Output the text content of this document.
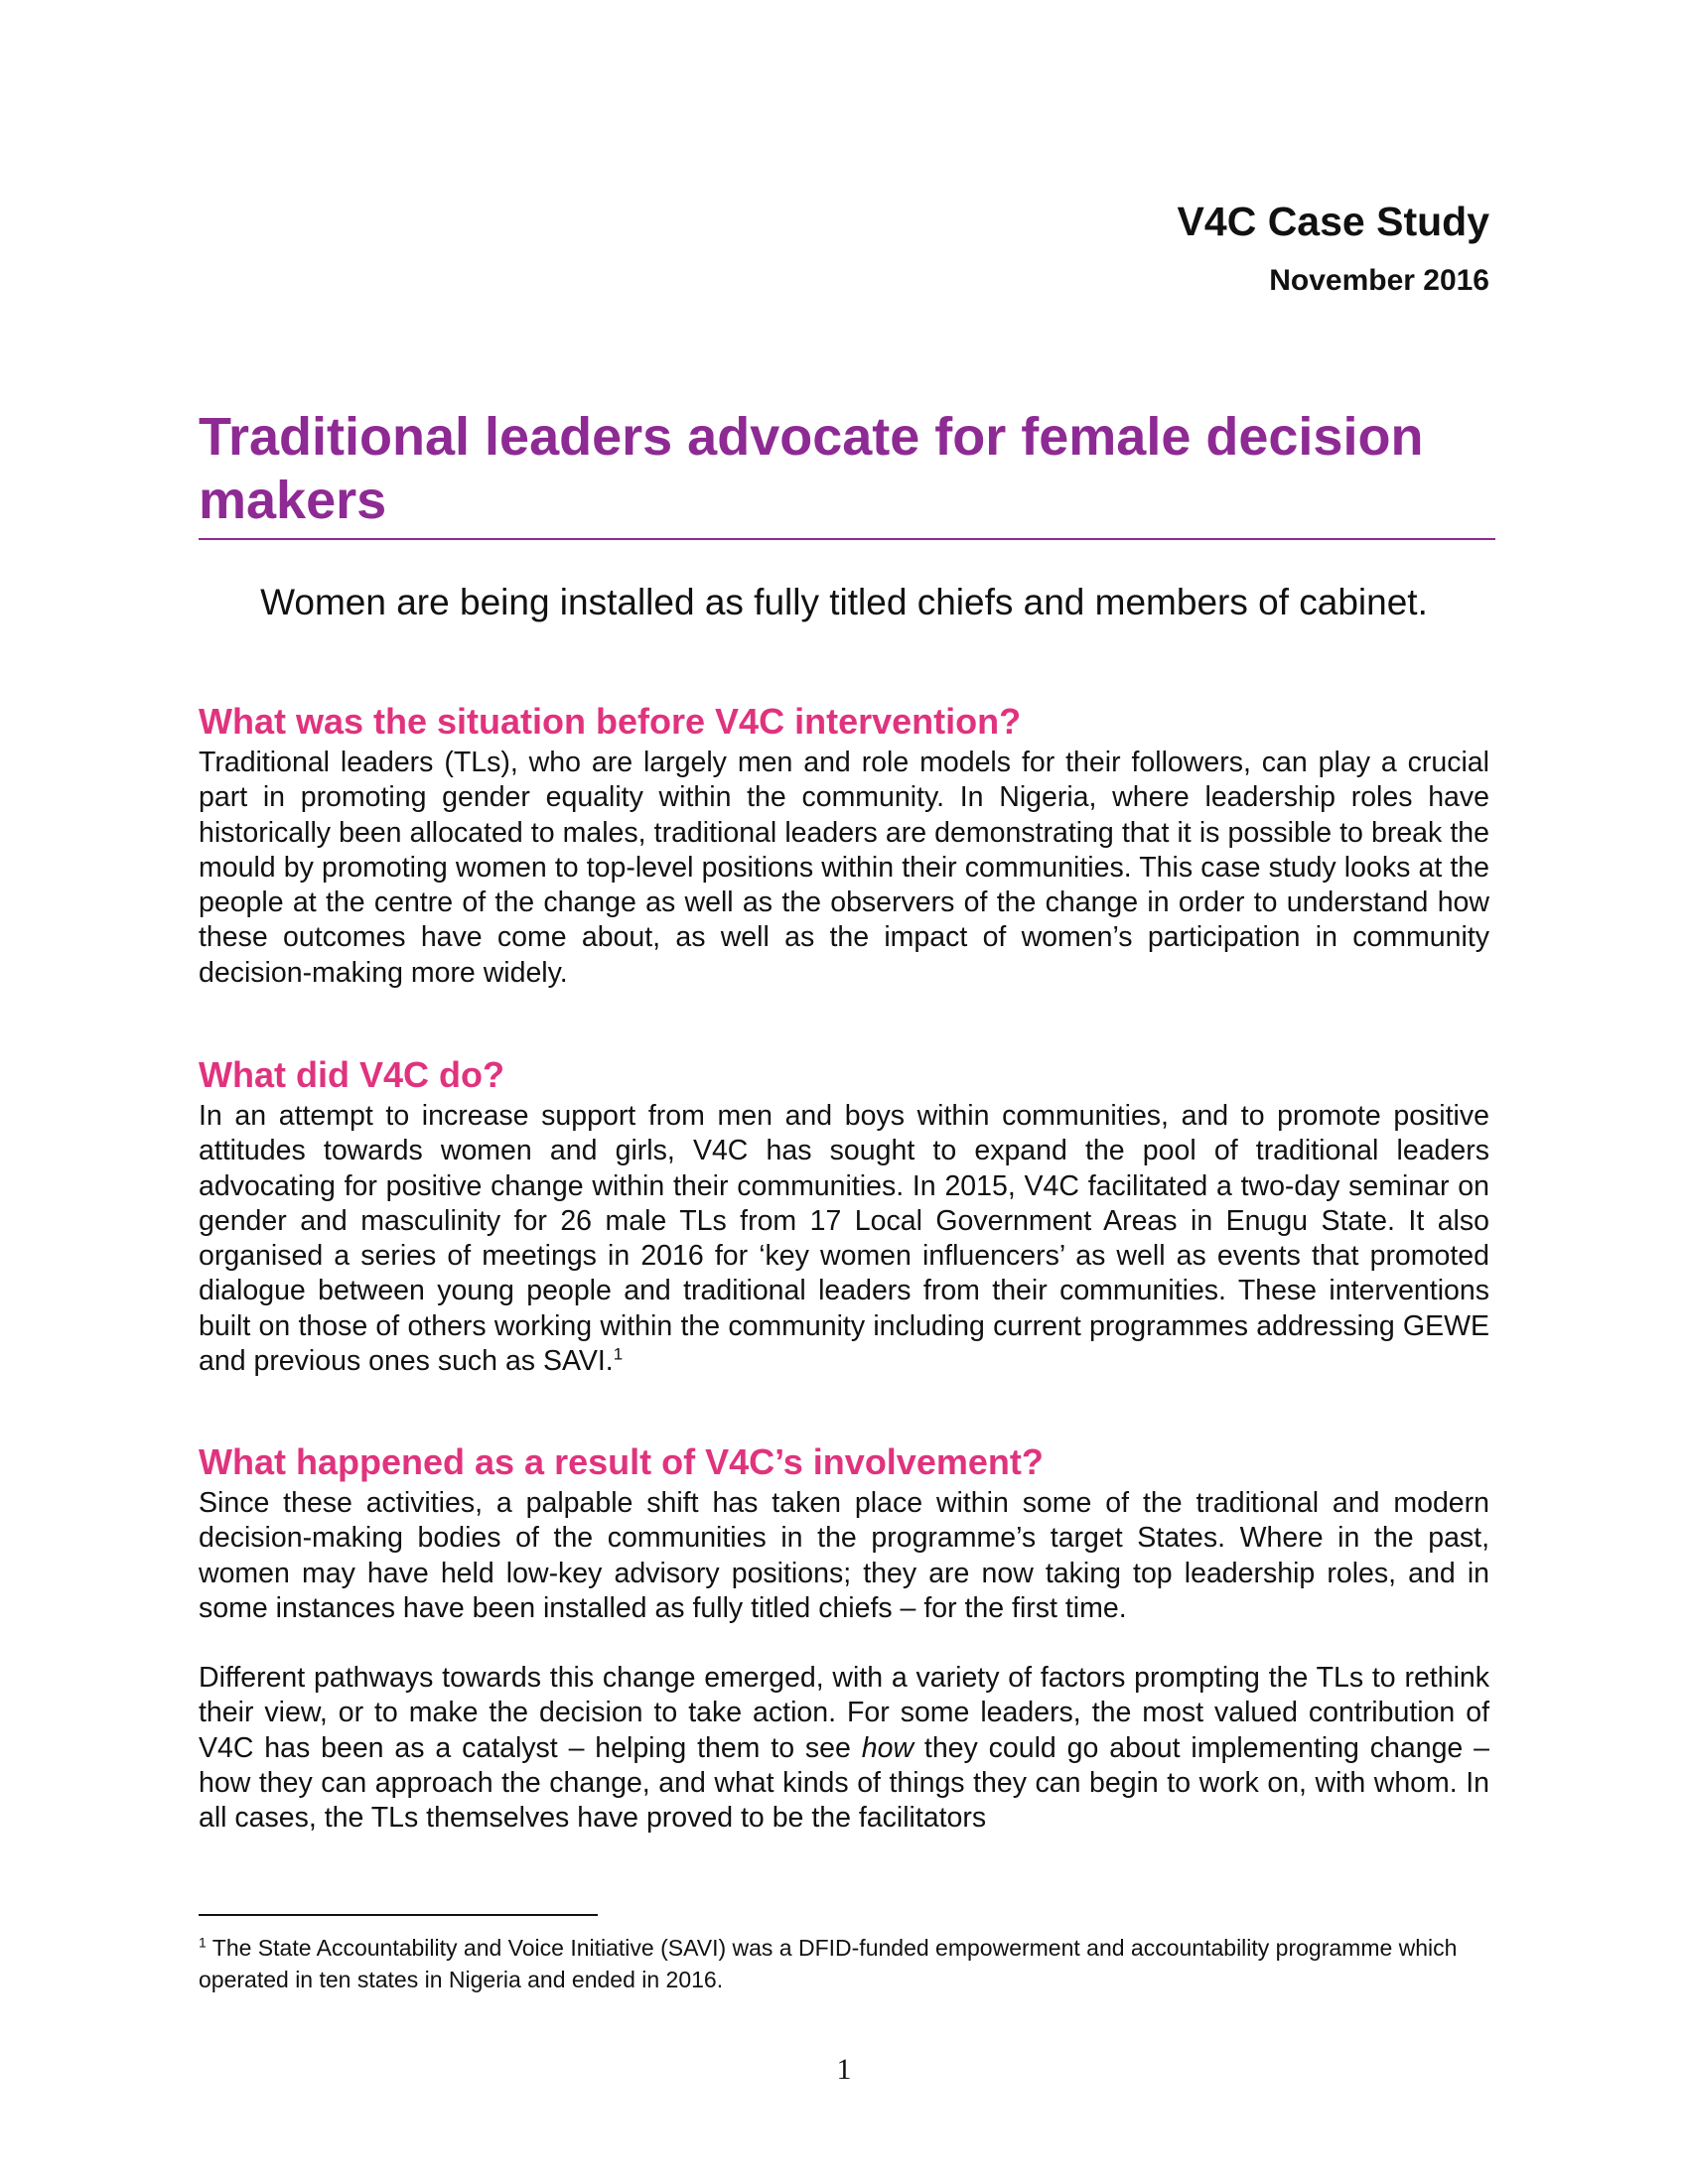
V4C Case Study

November 2016

Traditional leaders advocate for female decision makers

Women are being installed as fully titled chiefs and members of cabinet.

What was the situation before V4C intervention?

Traditional leaders (TLs), who are largely men and role models for their followers, can play a crucial part in promoting gender equality within the community. In Nigeria, where leadership roles have historically been allocated to males, traditional leaders are demonstrating that it is possible to break the mould by promoting women to top-level positions within their communities. This case study looks at the people at the centre of the change as well as the observers of the change in order to understand how these outcomes have come about, as well as the impact of women’s participation in community decision-making more widely.

What did V4C do?

In an attempt to increase support from men and boys within communities, and to promote positive attitudes towards women and girls, V4C has sought to expand the pool of traditional leaders advocating for positive change within their communities. In 2015, V4C facilitated a two-day seminar on gender and masculinity for 26 male TLs from 17 Local Government Areas in Enugu State. It also organised a series of meetings in 2016 for ‘key women influencers’ as well as events that promoted dialogue between young people and traditional leaders from their communities. These interventions built on those of others working within the community including current programmes addressing GEWE and previous ones such as SAVI.$^1$

What happened as a result of V4C’s involvement?

Since these activities, a palpable shift has taken place within some of the traditional and modern decision-making bodies of the communities in the programme’s target States. Where in the past, women may have held low-key advisory positions; they are now taking top leadership roles, and in some instances have been installed as fully titled chiefs – for the first time.

Different pathways towards this change emerged, with a variety of factors prompting the TLs to rethink their view, or to make the decision to take action. For some leaders, the most valued contribution of V4C has been as a catalyst – helping them to see how they could go about implementing change – how they can approach the change, and what kinds of things they can begin to work on, with whom. In all cases, the TLs themselves have proved to be the facilitators

$^1$ The State Accountability and Voice Initiative (SAVI) was a DFID-funded empowerment and accountability programme which operated in ten states in Nigeria and ended in 2016.

1
